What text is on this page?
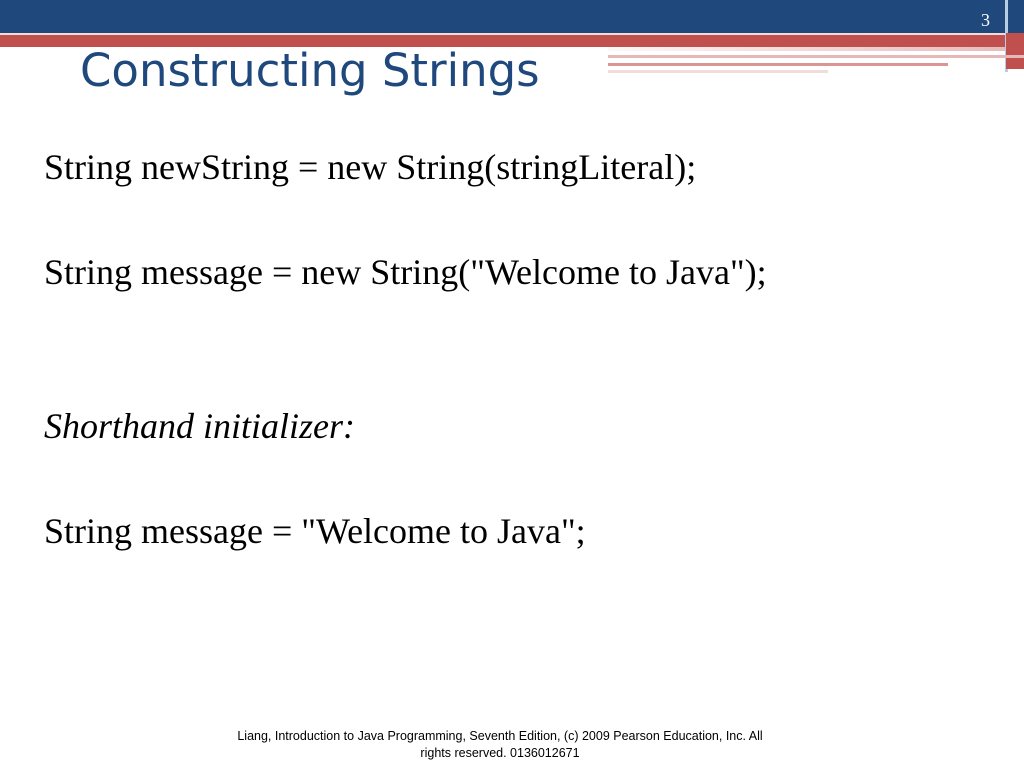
3
Constructing Strings
String newString = new String(stringLiteral);
String message = new String("Welcome to Java");
Shorthand initializer:
String message = "Welcome to Java";
Liang, Introduction to Java Programming, Seventh Edition, (c) 2009 Pearson Education, Inc. All
rights reserved. 0136012671
